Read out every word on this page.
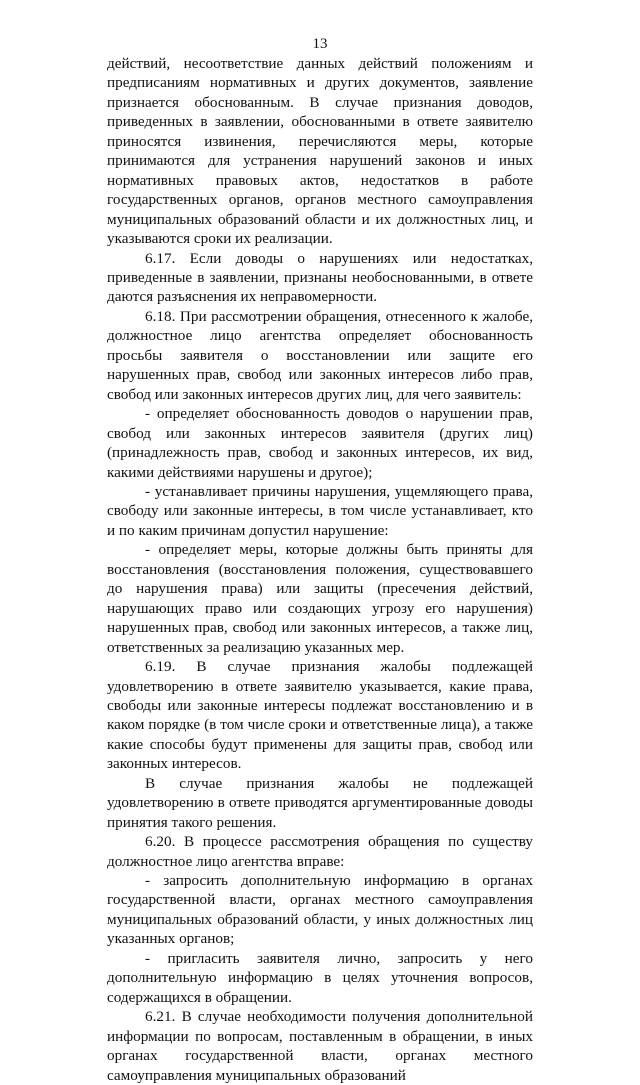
13

действий, несоответствие данных действий положениям и предписаниям нормативных и других документов, заявление признается обоснованным. В случае признания доводов, приведенных в заявлении, обоснованными в ответе заявителю приносятся извинения, перечисляются меры, которые принимаются для устранения нарушений законов и иных нормативных правовых актов, недостатков в работе государственных органов, органов местного самоуправления муниципальных образований области и их должностных лиц, и указываются сроки их реализации.

6.17. Если доводы о нарушениях или недостатках, приведенные в заявлении, признаны необоснованными, в ответе даются разъяснения их неправомерности.

6.18. При рассмотрении обращения, отнесенного к жалобе, должностное лицо агентства определяет обоснованность просьбы заявителя о восстановлении или защите его нарушенных прав, свобод или законных интересов либо прав, свобод или законных интересов других лиц, для чего заявитель:

- определяет обоснованность доводов о нарушении прав, свобод или законных интересов заявителя (других лиц) (принадлежность прав, свобод и законных интересов, их вид, какими действиями нарушены и другое);

- устанавливает причины нарушения, ущемляющего права, свободу или законные интересы, в том числе устанавливает, кто и по каким причинам допустил нарушение:

- определяет меры, которые должны быть приняты для восстановления (восстановления положения, существовавшего до нарушения права) или защиты (пресечения действий, нарушающих право или создающих угрозу его нарушения) нарушенных прав, свобод или законных интересов, а также лиц, ответственных за реализацию указанных мер.

6.19. В случае признания жалобы подлежащей удовлетворению в ответе заявителю указывается, какие права, свободы или законные интересы подлежат восстановлению и в каком порядке (в том числе сроки и ответственные лица), а также какие способы будут применены для защиты прав, свобод или законных интересов.

В случае признания жалобы не подлежащей удовлетворению в ответе приводятся аргументированные доводы принятия такого решения.

6.20. В процессе рассмотрения обращения по существу должностное лицо агентства вправе:

- запросить дополнительную информацию в органах государственной власти, органах местного самоуправления муниципальных образований области, у иных должностных лиц указанных органов;

- пригласить заявителя лично, запросить у него дополнительную информацию в целях уточнения вопросов, содержащихся в обращении.

6.21. В случае необходимости получения дополнительной информации по вопросам, поставленным в обращении, в иных органах государственной власти, органах местного самоуправления муниципальных образований
